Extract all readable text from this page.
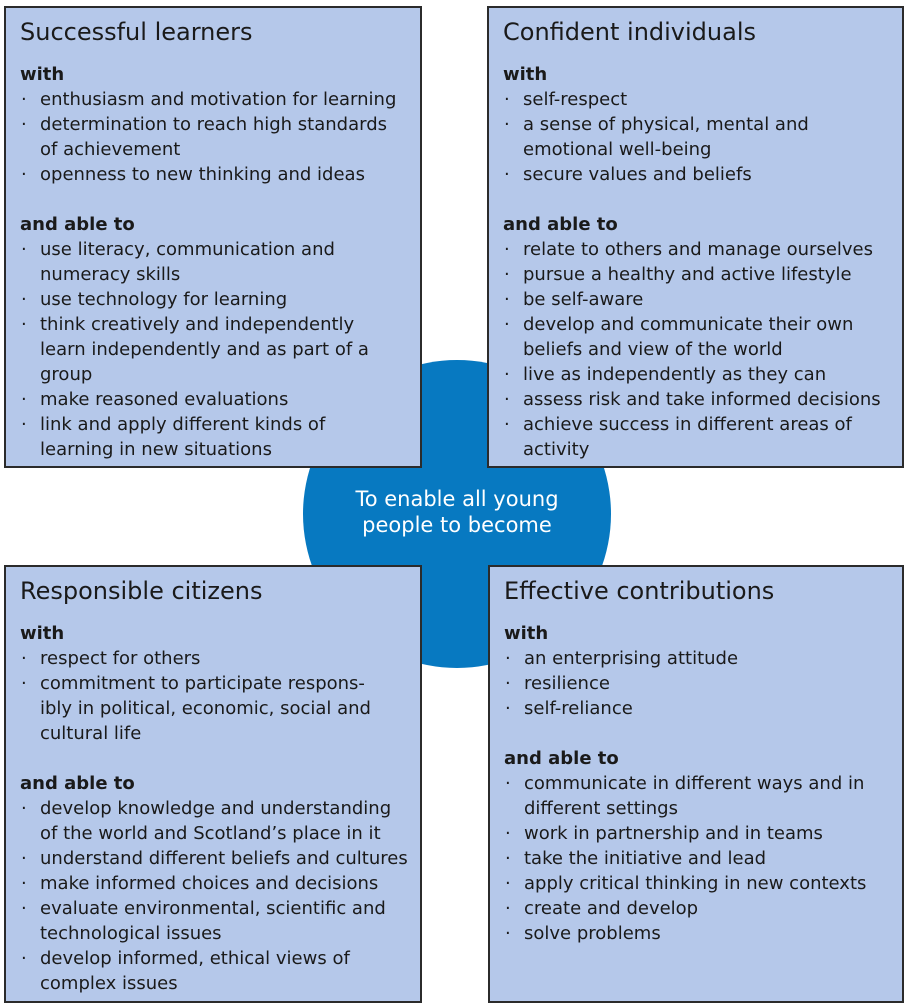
To enable all young
people to become
Successful learners
with
· enthusiasm and motivation for learning
· determination to reach high standards
of achievement
· openness to new thinking and ideas
and able to
· use literacy, communication and
numeracy skills
· use technology for learning
· think creatively and independently
learn independently and as part of a
group
· make reasoned evaluations
· link and apply different kinds of
learning in new situations
Confident individuals
with
· self-respect
· a sense of physical, mental and
emotional well-being
· secure values and beliefs
and able to
· relate to others and manage ourselves
· pursue a healthy and active lifestyle
· be self-aware
· develop and communicate their own
beliefs and view of the world
· live as independently as they can
· assess risk and take informed decisions
· achieve success in different areas of
activity
Responsible citizens
with
· respect for others
· commitment to participate respons-
ibly in political, economic, social and
cultural life
and able to
· develop knowledge and understanding
of the world and Scotland’s place in it
· understand different beliefs and cultures
· make informed choices and decisions
· evaluate environmental, scientific and
technological issues
· develop informed, ethical views of
complex issues
Effective contributions
with
· an enterprising attitude
· resilience
· self-reliance
and able to
· communicate in different ways and in
different settings
· work in partnership and in teams
· take the initiative and lead
· apply critical thinking in new contexts
· create and develop
· solve problems
